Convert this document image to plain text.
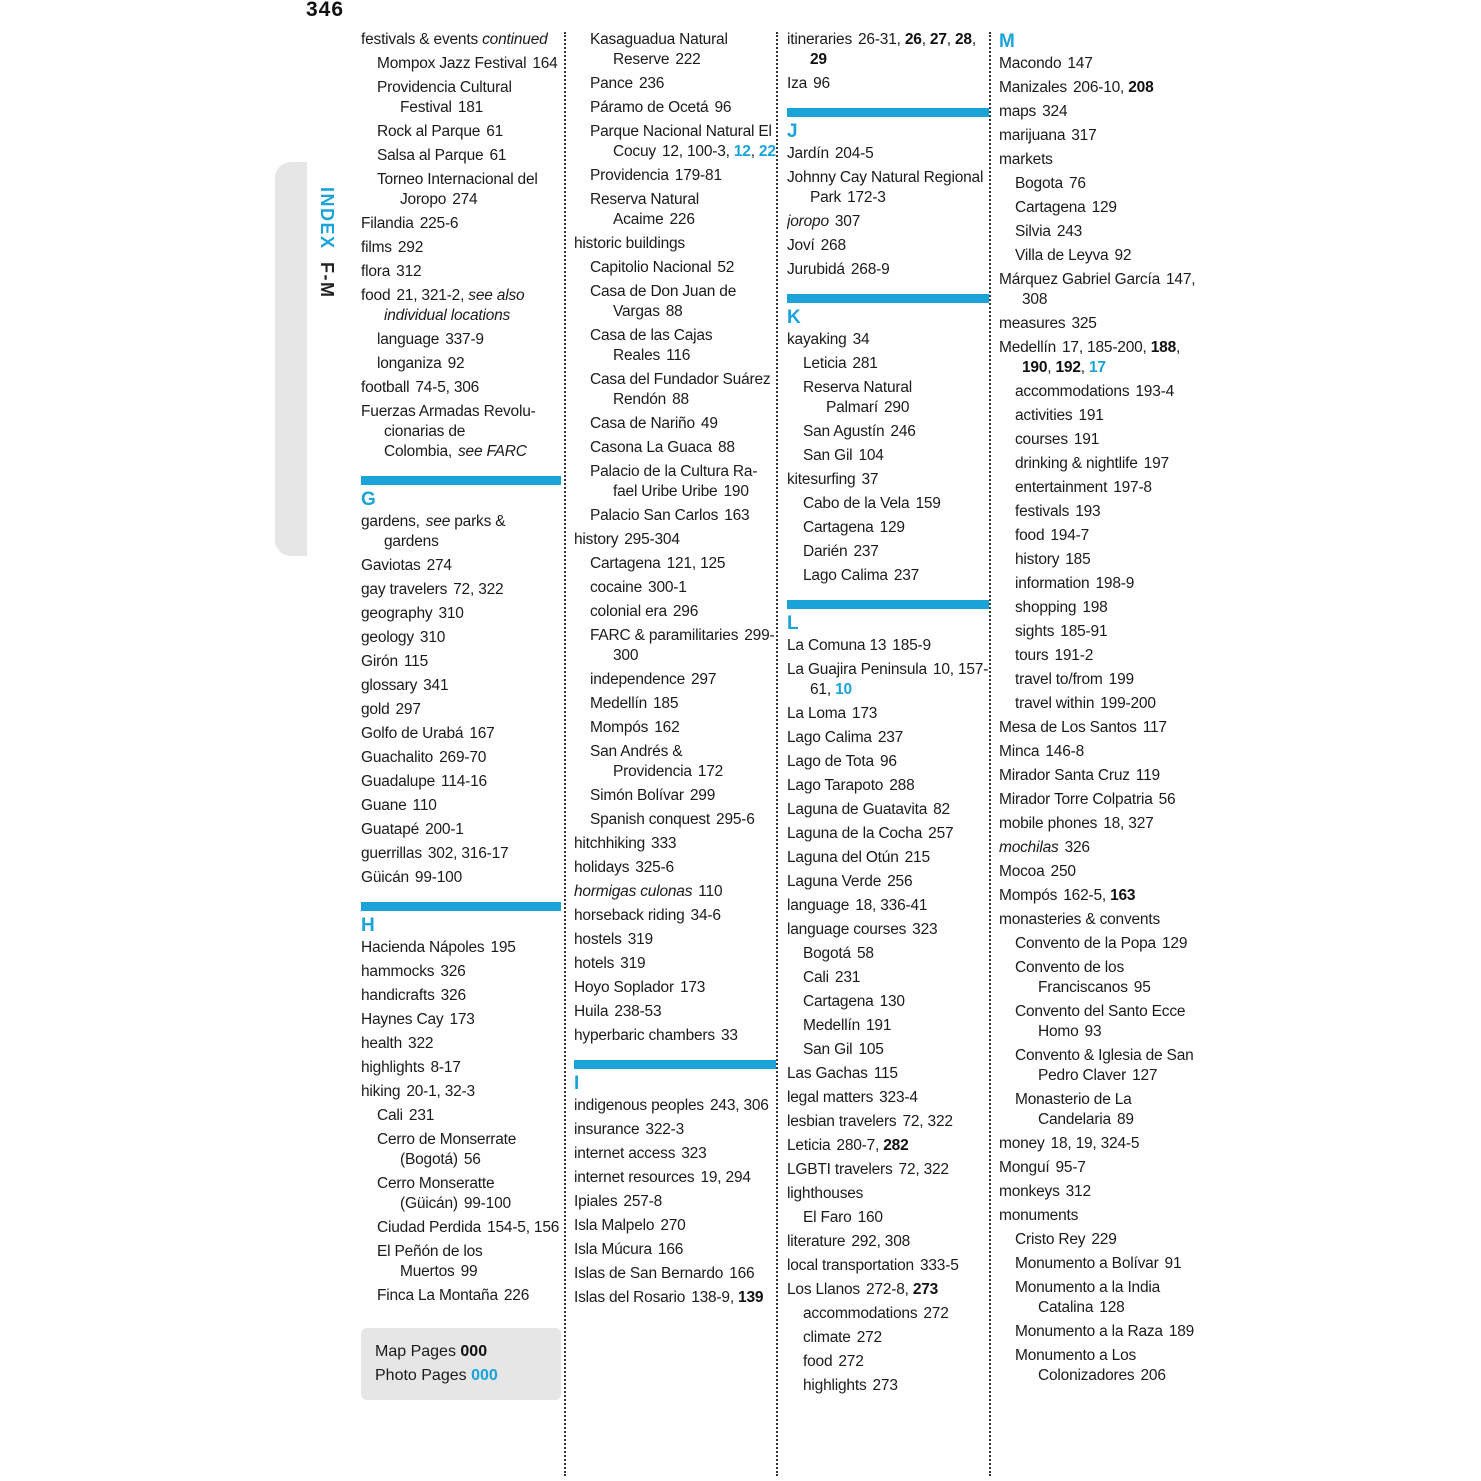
346
INDEX F-M
festivals & events continued
Mompox Jazz Festival 164
Providencia Cultural Festival 181
Rock al Parque 61
Salsa al Parque 61
Torneo Internacional del Joropo 274
Filandia 225-6
films 292
flora 312
food 21, 321-2, see also individual locations
language 337-9
longaniza 92
football 74-5, 306
Fuerzas Armadas Revolu-cionarias de Colombia, see FARC
G
gardens, see parks & gardens
Gaviotas 274
gay travelers 72, 322
geography 310
geology 310
Girón 115
glossary 341
gold 297
Golfo de Urabá 167
Guachalito 269-70
Guadalupe 114-16
Guane 110
Guatapé 200-1
guerrillas 302, 316-17
Güicán 99-100
H
Hacienda Nápoles 195
hammocks 326
handicrafts 326
Haynes Cay 173
health 322
highlights 8-17
hiking 20-1, 32-3
Cali 231
Cerro de Monserrate (Bogotá) 56
Cerro Monseratte (Güicán) 99-100
Ciudad Perdida 154-5, 156
El Peñón de los Muertos 99
Finca La Montaña 226
Map Pages 000
Photo Pages 000
Kasaguadua Natural Reserve 222
Pance 236
Páramo de Ocetá 96
Parque Nacional Natural El Cocuy 12, 100-3, 12, 22
Providencia 179-81
Reserva Natural Acaime 226
historic buildings
Capitolio Nacional 52
Casa de Don Juan de Vargas 88
Casa de las Cajas Reales 116
Casa del Fundador Suárez Rendón 88
Casa de Nariño 49
Casona La Guaca 88
Palacio de la Cultura Ra-fael Uribe Uribe 190
Palacio San Carlos 163
history 295-304
Cartagena 121, 125
cocaine 300-1
colonial era 296
FARC & paramilitaries 299-300
independence 297
Medellín 185
Mompós 162
San Andrés & Providencia 172
Simón Bolívar 299
Spanish conquest 295-6
hitchhiking 333
holidays 325-6
hormigas culonas 110
horseback riding 34-6
hostels 319
hotels 319
Hoyo Soplador 173
Huila 238-53
hyperbaric chambers 33
I
indigenous peoples 243, 306
insurance 322-3
internet access 323
internet resources 19, 294
Ipiales 257-8
Isla Malpelo 270
Isla Múcura 166
Islas de San Bernardo 166
Islas del Rosario 138-9, 139
itineraries 26-31, 26, 27, 28, 29
Iza 96
J
Jardín 204-5
Johnny Cay Natural Regional Park 172-3
joropo 307
Joví 268
Jurubidá 268-9
K
kayaking 34
Leticia 281
Reserva Natural Palmarí 290
San Agustín 246
San Gil 104
kitesurfing 37
Cabo de la Vela 159
Cartagena 129
Darién 237
Lago Calima 237
L
La Comuna 13 185-9
La Guajira Peninsula 10, 157-61, 10
La Loma 173
Lago Calima 237
Lago de Tota 96
Lago Tarapoto 288
Laguna de Guatavita 82
Laguna de la Cocha 257
Laguna del Otún 215
Laguna Verde 256
language 18, 336-41
language courses 323
Bogotá 58
Cali 231
Cartagena 130
Medellín 191
San Gil 105
Las Gachas 115
legal matters 323-4
lesbian travelers 72, 322
Leticia 280-7, 282
LGBTI travelers 72, 322
lighthouses
El Faro 160
literature 292, 308
local transportation 333-5
Los Llanos 272-8, 273
accommodations 272
climate 272
food 272
highlights 273
M
Macondo 147
Manizales 206-10, 208
maps 324
marijuana 317
markets
Bogota 76
Cartagena 129
Silvia 243
Villa de Leyva 92
Márquez Gabriel García 147, 308
measures 325
Medellín 17, 185-200, 188, 190, 192, 17
accommodations 193-4
activities 191
courses 191
drinking & nightlife 197
entertainment 197-8
festivals 193
food 194-7
history 185
information 198-9
shopping 198
sights 185-91
tours 191-2
travel to/from 199
travel within 199-200
Mesa de Los Santos 117
Minca 146-8
Mirador Santa Cruz 119
Mirador Torre Colpatria 56
mobile phones 18, 327
mochilas 326
Mocoa 250
Mompós 162-5, 163
monasteries & convents
Convento de la Popa 129
Convento de los Franciscanos 95
Convento del Santo Ecce Homo 93
Convento & Iglesia de San Pedro Claver 127
Monasterio de La Candelaria 89
money 18, 19, 324-5
Monguí 95-7
monkeys 312
monuments
Cristo Rey 229
Monumento a Bolívar 91
Monumento a la India Catalina 128
Monumento a la Raza 189
Monumento a Los Colonizadores 206
